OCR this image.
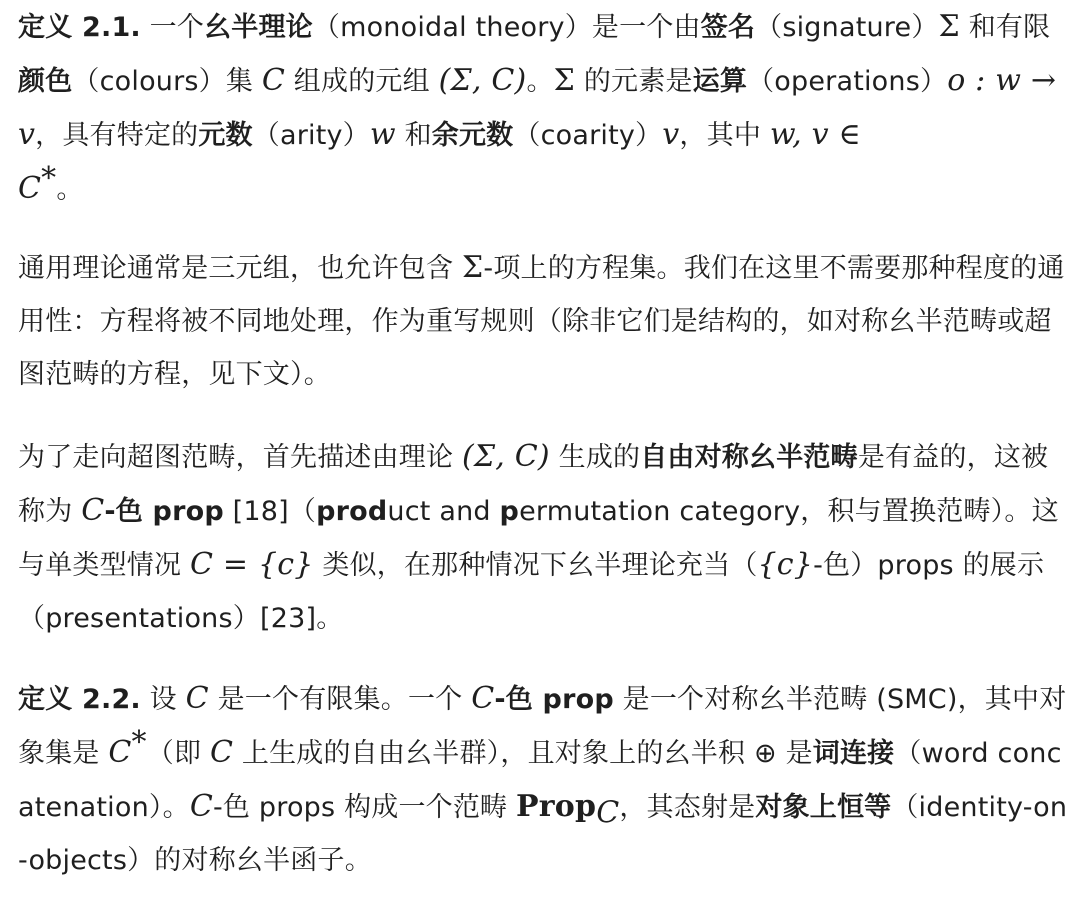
定义 2.1. 一个幺半理论（monoidal theory）是一个由签名（signature）Σ 和有限颜色（colours）集 C 组成的元组 (Σ, C)。Σ 的元素是运算（operations）o : w → v，具有特定的元数（arity）w 和余元数（coarity）v，其中 w, v ∈
C*。

通用理论通常是三元组，也允许包含 Σ-项上的方程集。我们在这里不需要那种程度的通用性：方程将被不同地处理，作为重写规则（除非它们是结构的，如对称幺半范畴或超图范畴的方程，见下文）。

为了走向超图范畴，首先描述由理论 (Σ, C) 生成的自由对称幺半范畴是有益的，这被称为 C-色 prop [18]（product and permutation category，积与置换范畴）。这与单类型情况 C = {c} 类似，在那种情况下幺半理论充当（{c}-色）props 的展示（presentations）[23]。

定义 2.2. 设 C 是一个有限集。一个 C-色 prop 是一个对称幺半范畴 (SMC)，其中对象集是 C*（即 C 上生成的自由幺半群），且对象上的幺半积 ⊕ 是词连接（word concatenation）。C-色 props 构成一个范畴 Prop$_C$，其态射是对象上恒等（identity-on-objects）的对称幺半函子。
